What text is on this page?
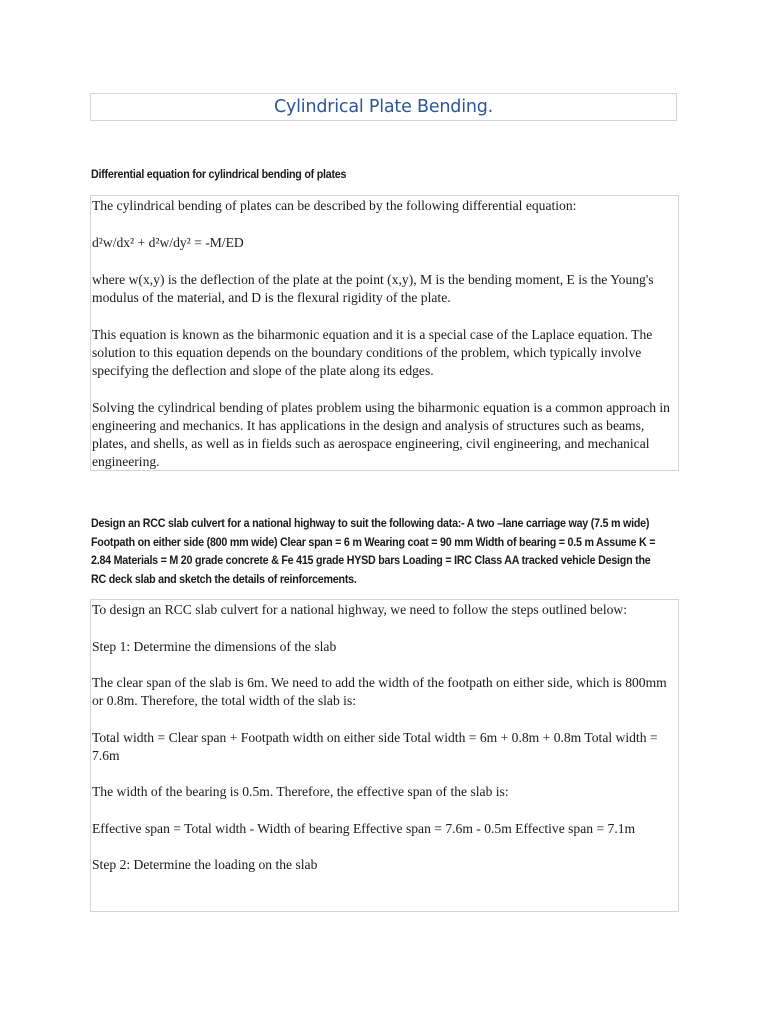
Cylindrical Plate Bending.
Differential equation for cylindrical bending of plates

The cylindrical bending of plates can be described by the following differential equation:

d²w/dx² + d²w/dy² = -M/ED

where w(x,y) is the deflection of the plate at the point (x,y), M is the bending moment, E is the Young's modulus of the material, and D is the flexural rigidity of the plate.

This equation is known as the biharmonic equation and it is a special case of the Laplace equation. The solution to this equation depends on the boundary conditions of the problem, which typically involve specifying the deflection and slope of the plate along its edges.

Solving the cylindrical bending of plates problem using the biharmonic equation is a common approach in engineering and mechanics. It has applications in the design and analysis of structures such as beams, plates, and shells, as well as in fields such as aerospace engineering, civil engineering, and mechanical engineering.

Design an RCC slab culvert for a national highway to suit the following data:- A two –lane carriage way (7.5 m wide) Footpath on either side (800 mm wide) Clear span = 6 m Wearing coat = 90 mm Width of bearing = 0.5 m Assume K = 2.84 Materials = M 20 grade concrete & Fe 415 grade HYSD bars Loading = IRC Class AA tracked vehicle Design the RC deck slab and sketch the details of reinforcements.

To design an RCC slab culvert for a national highway, we need to follow the steps outlined below:

Step 1: Determine the dimensions of the slab

The clear span of the slab is 6m. We need to add the width of the footpath on either side, which is 800mm or 0.8m. Therefore, the total width of the slab is:

Total width = Clear span + Footpath width on either side Total width = 6m + 0.8m + 0.8m Total width = 7.6m

The width of the bearing is 0.5m. Therefore, the effective span of the slab is:

Effective span = Total width - Width of bearing Effective span = 7.6m - 0.5m Effective span = 7.1m

Step 2: Determine the loading on the slab
